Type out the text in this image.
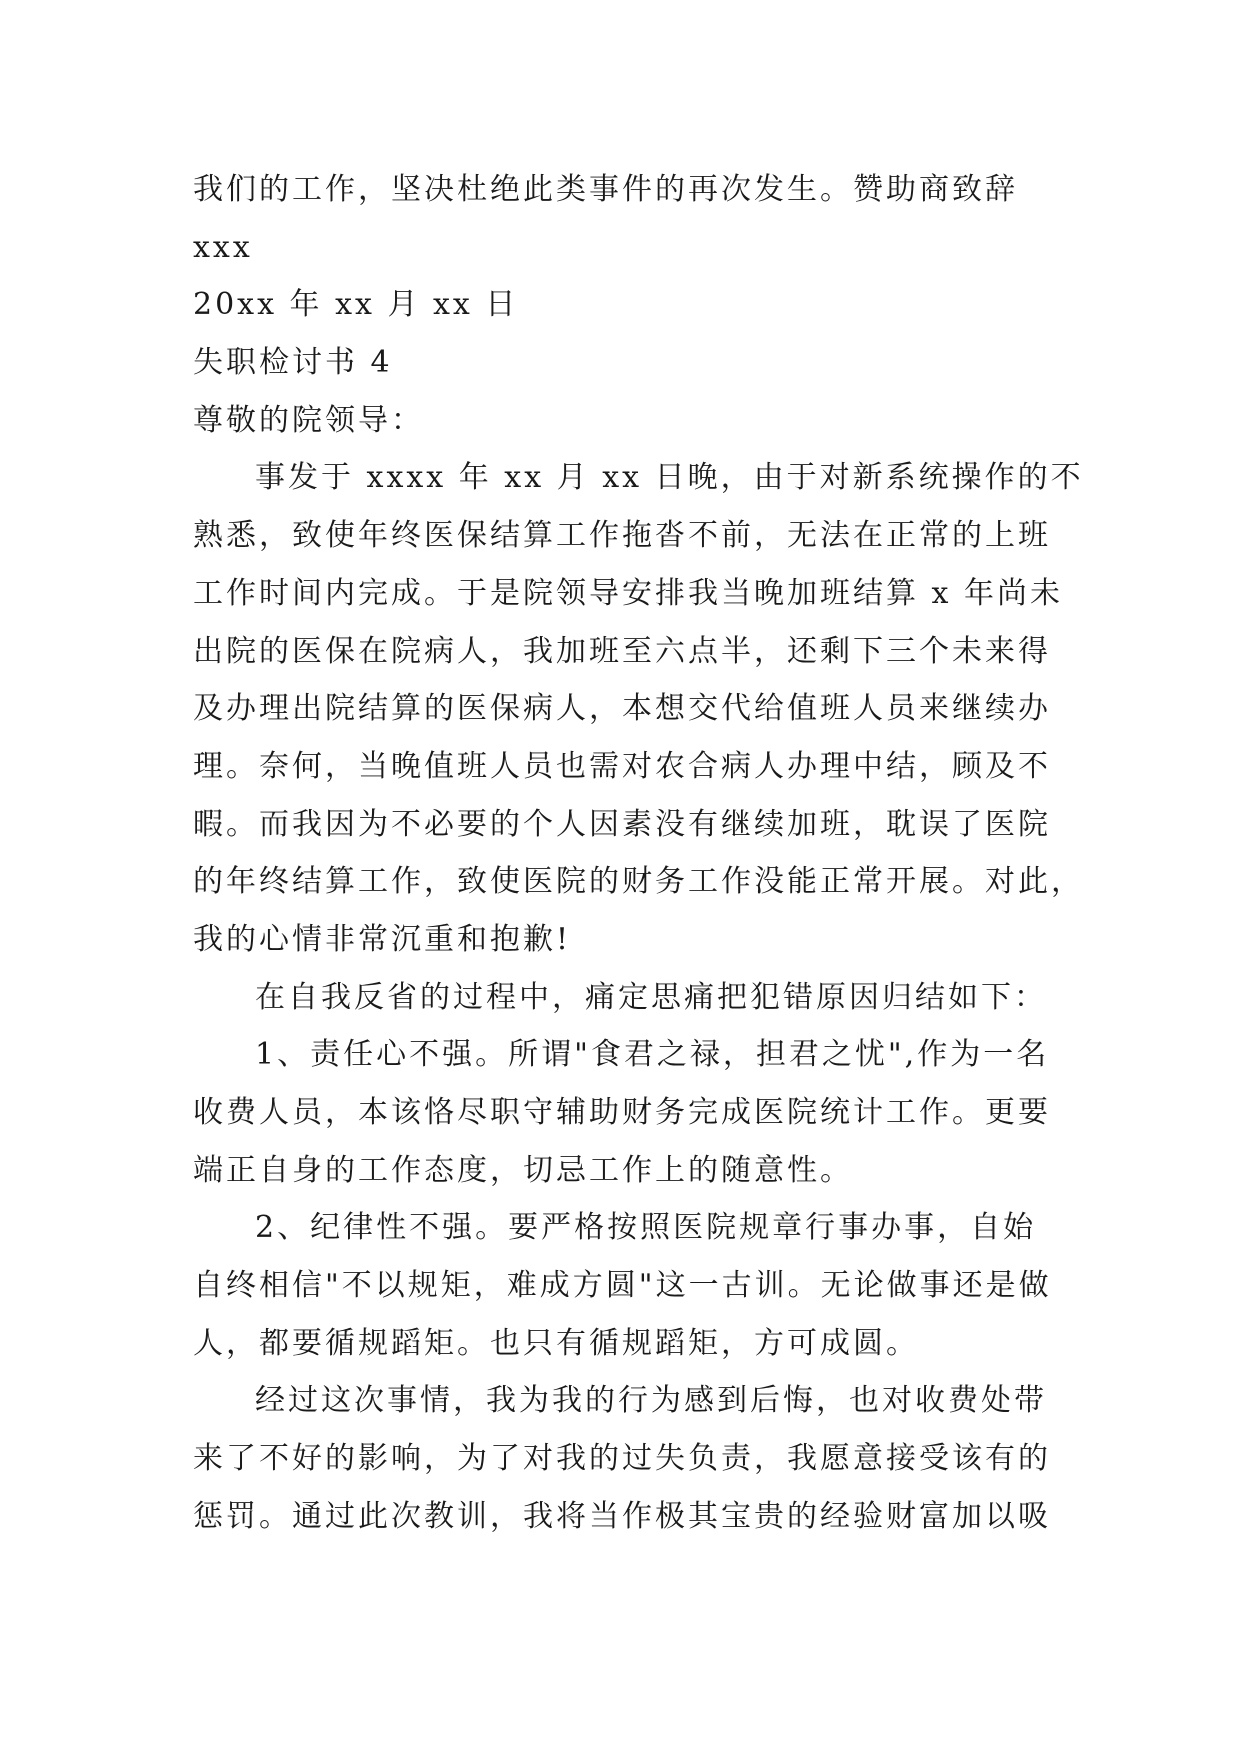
我们的工作，坚决杜绝此类事件的再次发生。赞助商致辞
xxx
20xx 年 xx 月 xx 日
失职检讨书 4
尊敬的院领导：
事发于 xxxx 年 xx 月 xx 日晚，由于对新系统操作的不
熟悉，致使年终医保结算工作拖沓不前，无法在正常的上班
工作时间内完成。于是院领导安排我当晚加班结算 x 年尚未
出院的医保在院病人，我加班至六点半，还剩下三个未来得
及办理出院结算的医保病人，本想交代给值班人员来继续办
理。奈何，当晚值班人员也需对农合病人办理中结，顾及不
暇。而我因为不必要的个人因素没有继续加班，耽误了医院
的年终结算工作，致使医院的财务工作没能正常开展。对此，
我的心情非常沉重和抱歉!
在自我反省的过程中，痛定思痛把犯错原因归结如下：
1、责任心不强。所谓"食君之禄，担君之忧",作为一名
收费人员，本该恪尽职守辅助财务完成医院统计工作。更要
端正自身的工作态度，切忌工作上的随意性。
2、纪律性不强。要严格按照医院规章行事办事，自始
自终相信"不以规矩，难成方圆"这一古训。无论做事还是做
人，都要循规蹈矩。也只有循规蹈矩，方可成圆。
经过这次事情，我为我的行为感到后悔，也对收费处带
来了不好的影响，为了对我的过失负责，我愿意接受该有的
惩罚。通过此次教训，我将当作极其宝贵的经验财富加以吸
